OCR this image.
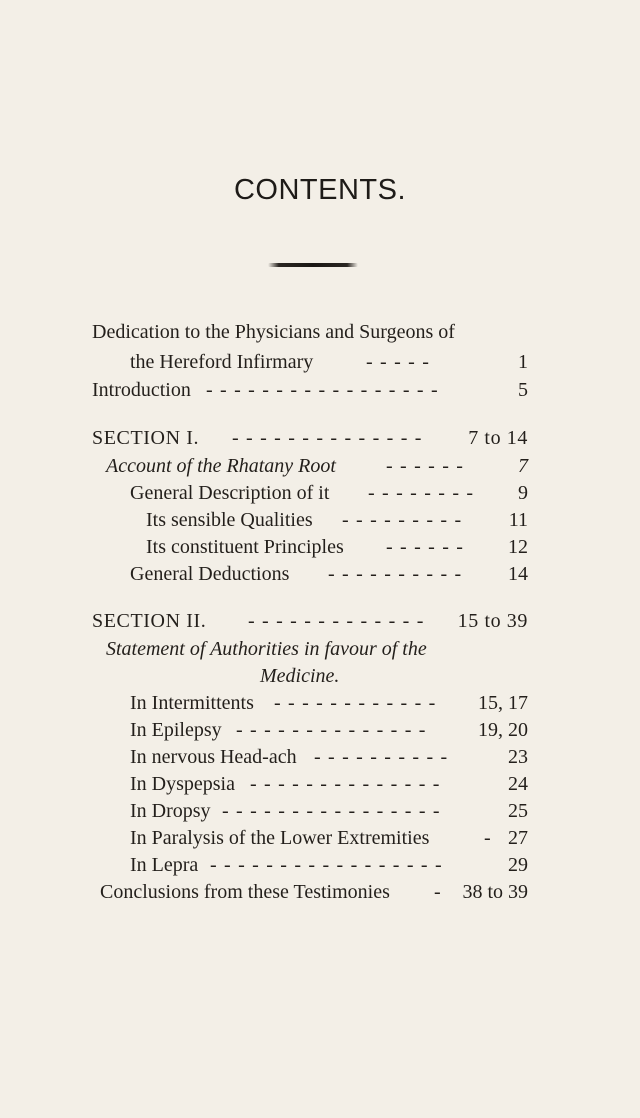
CONTENTS.
Dedication to the Physicians and Surgeons of
the Hereford Infirmary	- - - - -	1
Introduction - - - - - - - - - - - - - - - - -	5
SECTION I. - - - - - - - - - - - - - - 7 to 14
Account of the Rhatany Root	- - - - - -	7
General Description of it - - - - - - - - 9
Its sensible Qualities - - - - - - - - - 11
Its constituent Principles - - - - - - 12
General Deductions - - - - - - - - - - 14
SECTION II. - - - - - - - - - - - - - 15 to 39
Statement of Authorities in favour of the
Medicine.
In Intermittents - - - - - - - - - - - - 15, 17
In Epilepsy - - - - - - - - - - - - - -	19, 20
In nervous Head-ach - - - - - - - - - -	23
In Dyspepsia - - - - - - - - - - - - - -	24
In Dropsy - - - - - - - - - - - - - - - -	25
In Paralysis of the Lower Extremities	- 27
In Lepra - - - - - - - - - - - - - - - - -	29
Conclusions from these Testimonies - 38 to 39
